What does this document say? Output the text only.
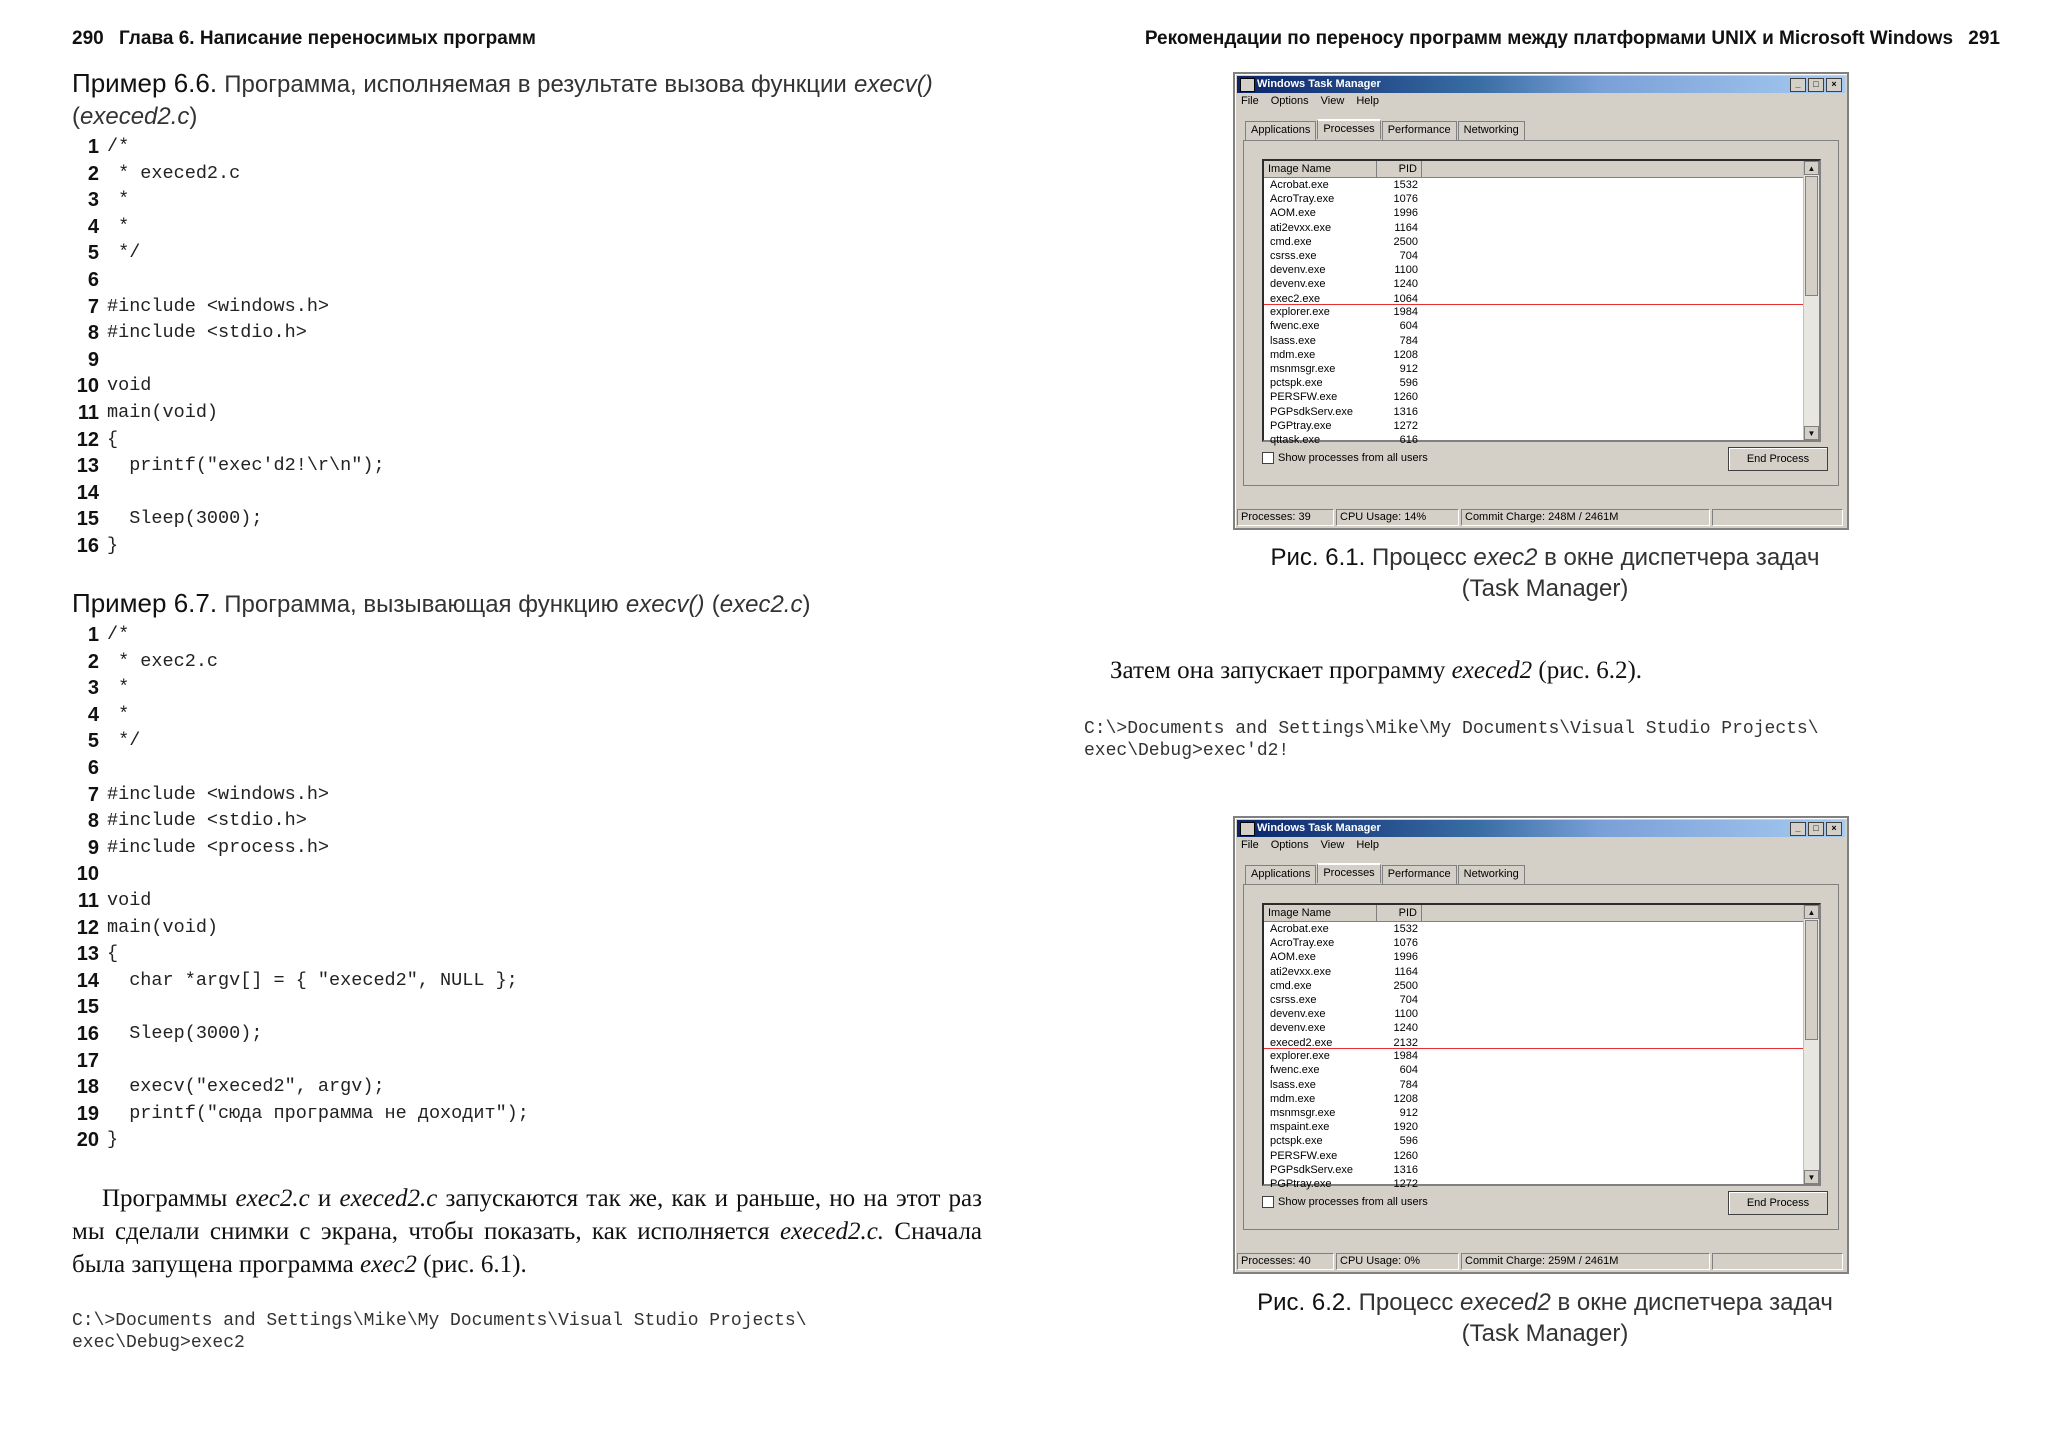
290 Глава 6. Написание переносимых программ
Пример 6.6. Программа, исполняемая в результате вызова функции execv()
(execed2.c)
1 /*
2 * execed2.c
3 *
4 *
5 */
6
7 #include <windows.h>
8 #include <stdio.h>
9
10 void
11 main(void)
12 {
13 printf("exec'd2!\r\n");
14
15 Sleep(3000);
16 }
Пример 6.7. Программа, вызывающая функцию execv() (exec2.c)
1 /*
2 * exec2.c
3 *
4 *
5 */
6
7 #include <windows.h>
8 #include <stdio.h>
9 #include <process.h>
10
11 void
12 main(void)
13 {
14 char *argv[] = { "execed2", NULL };
15
16 Sleep(3000);
17
18 execv("execed2", argv);
19 printf("сюда программа не доходит");
20 }
Программы exec2.c и execed2.c запускаются так же, как и раньше, но на этот раз мы сделали снимки с экрана, чтобы показать, как исполняется execed2.c. Сначала была запущена программа exec2 (рис. 6.1).
C:\>Documents and Settings\Mike\My Documents\Visual Studio Projects\
exec\Debug>exec2
Рекомендации по переносу программ между платформами UNIX и Microsoft Windows 291
Windows Task Manager	_	□	×
File Options View Help
Applications	Processes	Performance	Networking
Image Name	PID
Acrobat.exe	1532
AcroTray.exe	1076
AOM.exe	1996
ati2evxx.exe	1164
cmd.exe	2500
csrss.exe	704
devenv.exe	1100
devenv.exe	1240
exec2.exe	1064
explorer.exe	1984
fwenc.exe	604
lsass.exe	784
mdm.exe	1208
msnmsgr.exe	912
pctspk.exe	596
PERSFW.exe	1260
PGPsdkServ.exe	1316
PGPtray.exe	1272
qttask.exe	616
▲
▼
Show processes from all users	End Process
Processes: 39	CPU Usage: 14%	Commit Charge: 248M / 2461M
Рис. 6.1. Процесс exec2 в окне диспетчера задач
(Task Manager)
Затем она запускает программу execed2 (рис. 6.2).
C:\>Documents and Settings\Mike\My Documents\Visual Studio Projects\
exec\Debug>exec'd2!
Windows Task Manager	_	□	×
File Options View Help
Applications	Processes	Performance	Networking
Image Name	PID
Acrobat.exe	1532
AcroTray.exe	1076
AOM.exe	1996
ati2evxx.exe	1164
cmd.exe	2500
csrss.exe	704
devenv.exe	1100
devenv.exe	1240
execed2.exe	2132
explorer.exe	1984
fwenc.exe	604
lsass.exe	784
mdm.exe	1208
msnmsgr.exe	912
mspaint.exe	1920
pctspk.exe	596
PERSFW.exe	1260
PGPsdkServ.exe	1316
PGPtray.exe	1272
▲
▼
Show processes from all users	End Process
Processes: 40	CPU Usage: 0%	Commit Charge: 259M / 2461M
Рис. 6.2. Процесс execed2 в окне диспетчера задач
(Task Manager)
